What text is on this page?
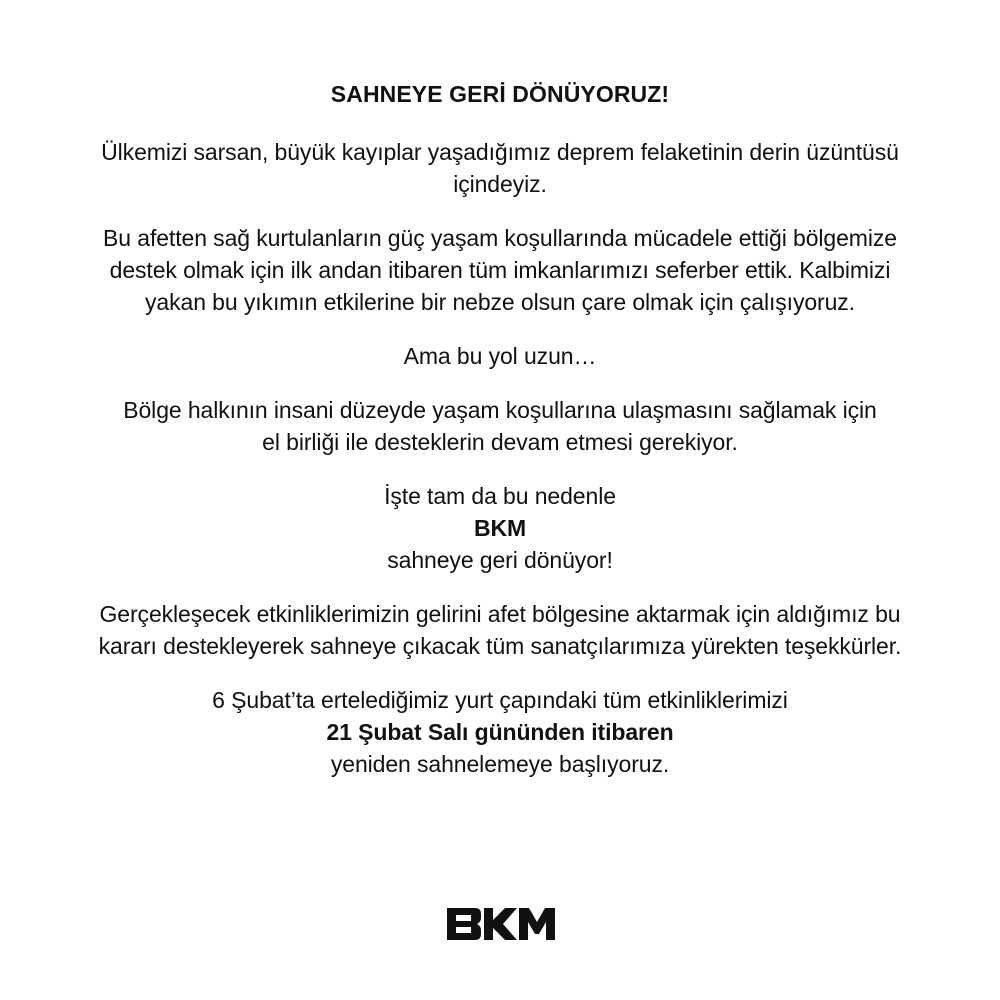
SAHNEYE GERİ DÖNÜYORUZ!
Ülkemizi sarsan, büyük kayıplar yaşadığımız deprem felaketinin derin üzüntüsü
içindeyiz.
Bu afetten sağ kurtulanların güç yaşam koşullarında mücadele ettiği bölgemize
destek olmak için ilk andan itibaren tüm imkanlarımızı seferber ettik. Kalbimizi
yakan bu yıkımın etkilerine bir nebze olsun çare olmak için çalışıyoruz.
Ama bu yol uzun…
Bölge halkının insani düzeyde yaşam koşullarına ulaşmasını sağlamak için
el birliği ile desteklerin devam etmesi gerekiyor.
İşte tam da bu nedenle
BKM
sahneye geri dönüyor!
Gerçekleşecek etkinliklerimizin gelirini afet bölgesine aktarmak için aldığımız bu
kararı destekleyerek sahneye çıkacak tüm sanatçılarımıza yürekten teşekkürler.
6 Şubat’ta ertelediğimiz yurt çapındaki tüm etkinliklerimizi
21 Şubat Salı gününden itibaren
yeniden sahnelemeye başlıyoruz.
